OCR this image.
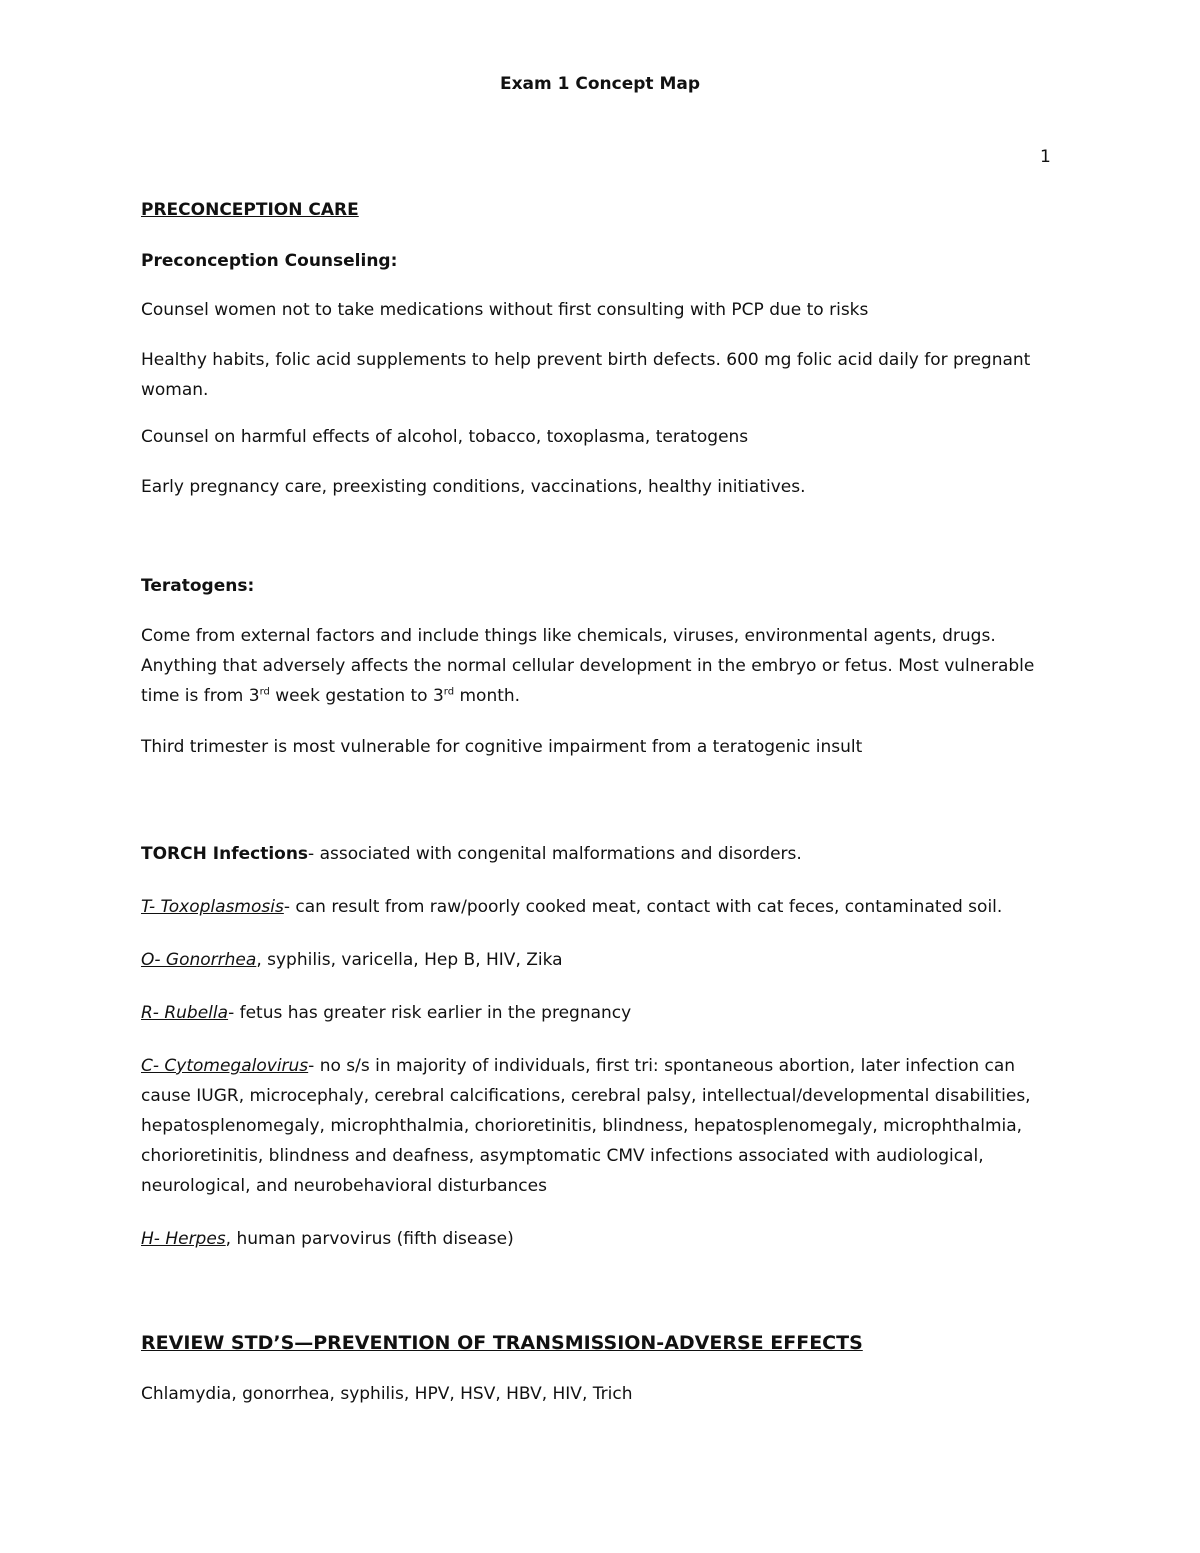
Exam 1 Concept Map
1

PRECONCEPTION CARE

Preconception Counseling:

Counsel women not to take medications without first consulting with PCP due to risks

Healthy habits, folic acid supplements to help prevent birth defects. 600 mg folic acid daily for pregnant woman.

Counsel on harmful effects of alcohol, tobacco, toxoplasma, teratogens

Early pregnancy care, preexisting conditions, vaccinations, healthy initiatives.

Teratogens:

Come from external factors and include things like chemicals, viruses, environmental agents, drugs. Anything that adversely affects the normal cellular development in the embryo or fetus. Most vulnerable time is from 3rd week gestation to 3rd month.

Third trimester is most vulnerable for cognitive impairment from a teratogenic insult

TORCH Infections- associated with congenital malformations and disorders.

T- Toxoplasmosis- can result from raw/poorly cooked meat, contact with cat feces, contaminated soil.

O- Gonorrhea, syphilis, varicella, Hep B, HIV, Zika

R- Rubella- fetus has greater risk earlier in the pregnancy

C- Cytomegalovirus- no s/s in majority of individuals, first tri: spontaneous abortion, later infection can cause IUGR, microcephaly, cerebral calcifications, cerebral palsy, intellectual/developmental disabilities, hepatosplenomegaly, microphthalmia, chorioretinitis, blindness, hepatosplenomegaly, microphthalmia, chorioretinitis, blindness and deafness, asymptomatic CMV infections associated with audiological, neurological, and neurobehavioral disturbances

H- Herpes, human parvovirus (fifth disease)

REVIEW STD’S—PREVENTION OF TRANSMISSION-ADVERSE EFFECTS

Chlamydia, gonorrhea, syphilis, HPV, HSV, HBV, HIV, Trich
